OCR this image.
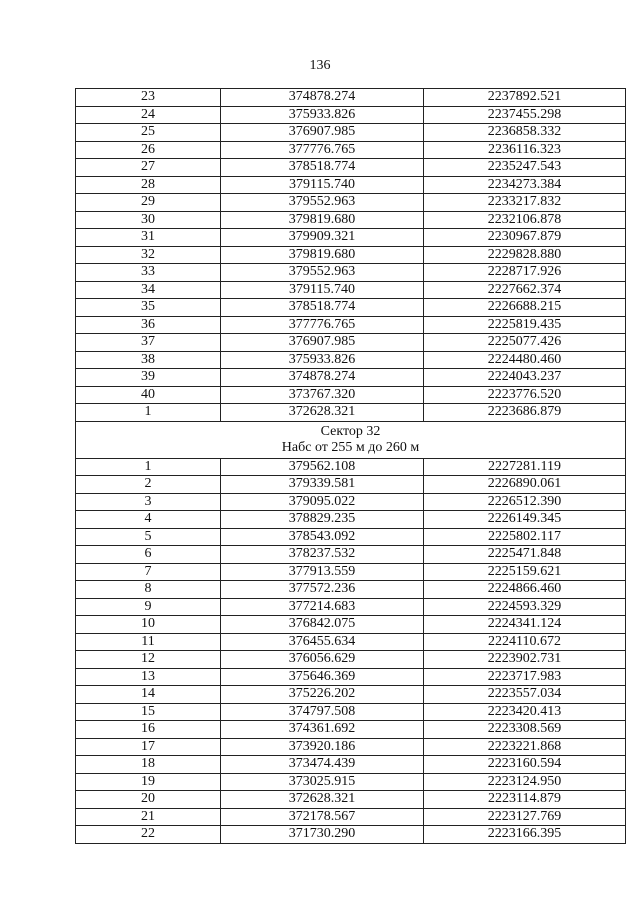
136
23	374878.274	2237892.521
24	375933.826	2237455.298
25	376907.985	2236858.332
26	377776.765	2236116.323
27	378518.774	2235247.543
28	379115.740	2234273.384
29	379552.963	2233217.832
30	379819.680	2232106.878
31	379909.321	2230967.879
32	379819.680	2229828.880
33	379552.963	2228717.926
34	379115.740	2227662.374
35	378518.774	2226688.215
36	377776.765	2225819.435
37	376907.985	2225077.426
38	375933.826	2224480.460
39	374878.274	2224043.237
40	373767.320	2223776.520
1	372628.321	2223686.879

Сектор 32
Набс от 255 м до 260 м		

1	379562.108	2227281.119
2	379339.581	2226890.061
3	379095.022	2226512.390
4	378829.235	2226149.345
5	378543.092	2225802.117
6	378237.532	2225471.848
7	377913.559	2225159.621
8	377572.236	2224866.460
9	377214.683	2224593.329
10	376842.075	2224341.124
11	376455.634	2224110.672
12	376056.629	2223902.731
13	375646.369	2223717.983
14	375226.202	2223557.034
15	374797.508	2223420.413
16	374361.692	2223308.569
17	373920.186	2223221.868
18	373474.439	2223160.594
19	373025.915	2223124.950
20	372628.321	2223114.879
21	372178.567	2223127.769
22	371730.290	2223166.395
